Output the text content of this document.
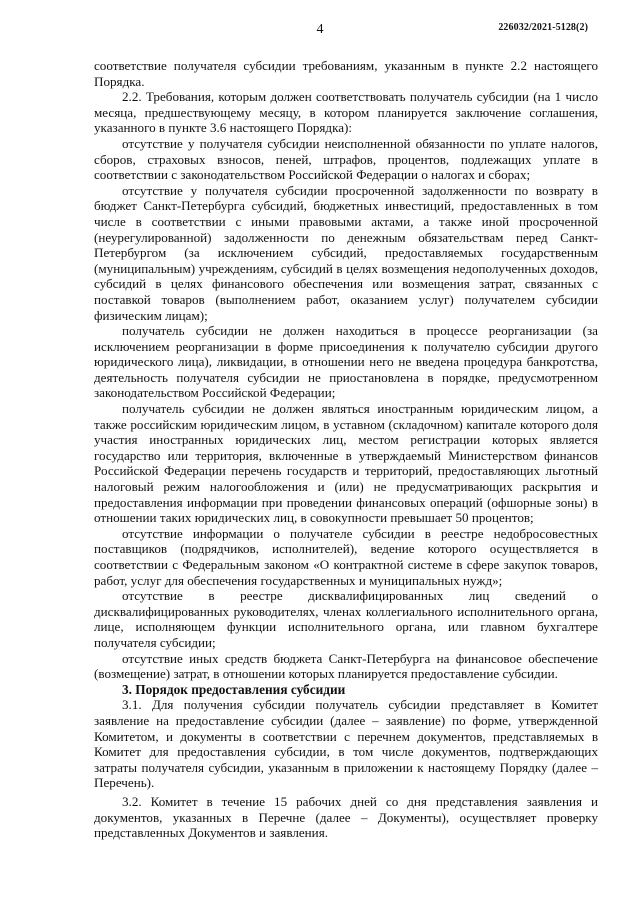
4	226032/2021-5128(2)

соответствие получателя субсидии требованиям, указанным в пункте 2.2 настоящего Порядка.

2.2. Требования, которым должен соответствовать получатель субсидии (на 1 число месяца, предшествующему месяцу, в котором планируется заключение соглашения, указанного в пункте 3.6 настоящего Порядка):

отсутствие у получателя субсидии неисполненной обязанности по уплате налогов, сборов, страховых взносов, пеней, штрафов, процентов, подлежащих уплате в соответствии с законодательством Российской Федерации о налогах и сборах;

отсутствие у получателя субсидии просроченной задолженности по возврату в бюджет Санкт-Петербурга субсидий, бюджетных инвестиций, предоставленных в том числе в соответствии с иными правовыми актами, а также иной просроченной (неурегулированной) задолженности по денежным обязательствам перед Санкт-Петербургом (за исключением субсидий, предоставляемых государственным (муниципальным) учреждениям, субсидий в целях возмещения недополученных доходов, субсидий в целях финансового обеспечения или возмещения затрат, связанных с поставкой товаров (выполнением работ, оказанием услуг) получателем субсидии физическим лицам);

получатель субсидии не должен находиться в процессе реорганизации (за исключением реорганизации в форме присоединения к получателю субсидии другого юридического лица), ликвидации, в отношении него не введена процедура банкротства, деятельность получателя субсидии не приостановлена в порядке, предусмотренном законодательством Российской Федерации;

получатель субсидии не должен являться иностранным юридическим лицом, а также российским юридическим лицом, в уставном (складочном) капитале которого доля участия иностранных юридических лиц, местом регистрации которых является государство или территория, включенные в утверждаемый Министерством финансов Российской Федерации перечень государств и территорий, предоставляющих льготный налоговый режим налогообложения и (или) не предусматривающих раскрытия и предоставления информации при проведении финансовых операций (офшорные зоны) в отношении таких юридических лиц, в совокупности превышает 50 процентов;

отсутствие информации о получателе субсидии в реестре недобросовестных поставщиков (подрядчиков, исполнителей), ведение которого осуществляется в соответствии с Федеральным законом «О контрактной системе в сфере закупок товаров, работ, услуг для обеспечения государственных и муниципальных нужд»;

отсутствие в реестре дисквалифицированных лиц сведений о дисквалифицированных руководителях, членах коллегиального исполнительного органа, лице, исполняющем функции исполнительного органа, или главном бухгалтере получателя субсидии;

отсутствие иных средств бюджета Санкт-Петербурга на финансовое обеспечение (возмещение) затрат, в отношении которых планируется предоставление субсидии.

3. Порядок предоставления субсидии

3.1. Для получения субсидии получатель субсидии представляет в Комитет заявление на предоставление субсидии (далее – заявление) по форме, утвержденной Комитетом, и документы в соответствии с перечнем документов, представляемых в Комитет для предоставления субсидии, в том числе документов, подтверждающих затраты получателя субсидии, указанным в приложении к настоящему Порядку (далее – Перечень).

3.2. Комитет в течение 15 рабочих дней со дня представления заявления и документов, указанных в Перечне (далее – Документы), осуществляет проверку представленных Документов и заявления.
